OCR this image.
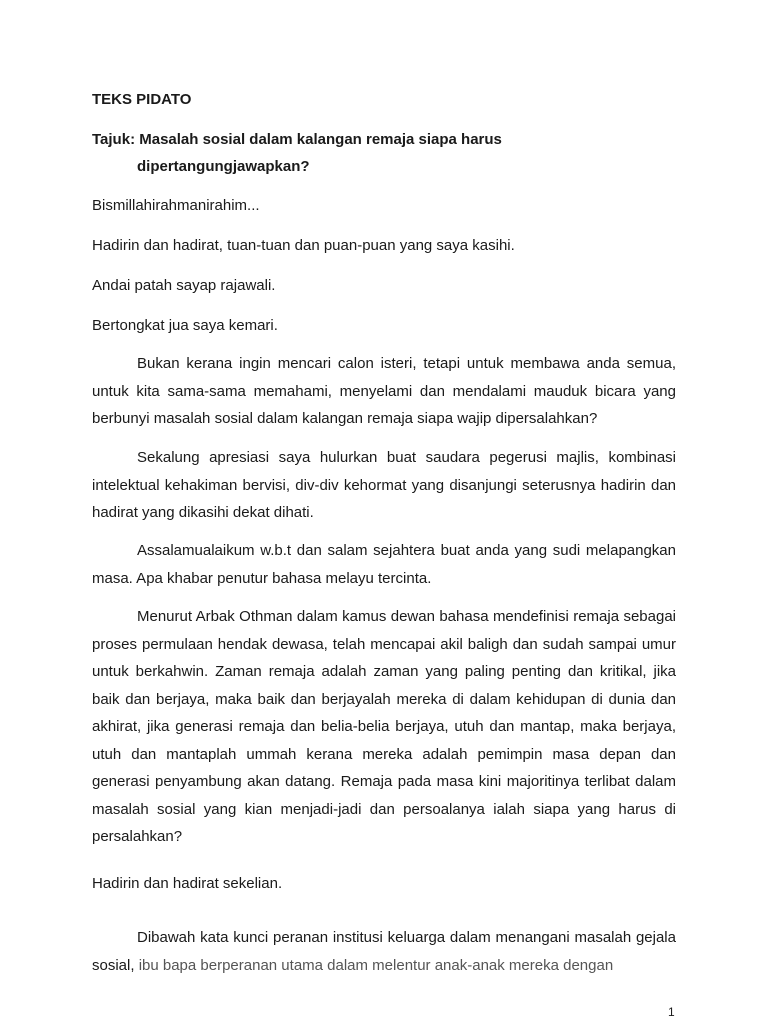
TEKS PIDATO
Tajuk: Masalah sosial dalam kalangan remaja siapa harus
dipertangungjawapkan?
Bismillahirahmanirahim...
Hadirin dan hadirat, tuan-tuan dan puan-puan yang saya kasihi.
Andai patah sayap rajawali.
Bertongkat jua saya kemari.

Bukan kerana ingin mencari calon isteri, tetapi untuk membawa anda semua, untuk kita sama-sama memahami, menyelami dan mendalami mauduk bicara yang berbunyi masalah sosial dalam kalangan remaja siapa wajip dipersalahkan?

Sekalung apresiasi saya hulurkan buat saudara pegerusi majlis, kombinasi intelektual kehakiman bervisi, div-div kehormat yang disanjungi seterusnya hadirin dan hadirat yang dikasihi dekat dihati.

Assalamualaikum w.b.t dan salam sejahtera buat anda yang sudi melapangkan masa. Apa khabar penutur bahasa melayu tercinta.

Menurut Arbak Othman dalam kamus dewan bahasa mendefinisi remaja sebagai proses permulaan hendak dewasa, telah mencapai akil baligh dan sudah sampai umur untuk berkahwin. Zaman remaja adalah zaman yang paling penting dan kritikal, jika baik dan berjaya, maka baik dan berjayalah mereka di dalam kehidupan di dunia dan akhirat, jika generasi remaja dan belia-belia berjaya, utuh dan mantap, maka berjaya, utuh dan mantaplah ummah kerana mereka adalah pemimpin masa depan dan generasi penyambung akan datang. Remaja pada masa kini majoritinya terlibat dalam masalah sosial yang kian menjadi-jadi dan persoalanya ialah siapa yang harus di persalahkan?

Hadirin dan hadirat sekelian.

Dibawah kata kunci peranan institusi keluarga dalam menangani masalah gejala sosial, ibu bapa berperanan utama dalam melentur anak-anak mereka dengan

1
